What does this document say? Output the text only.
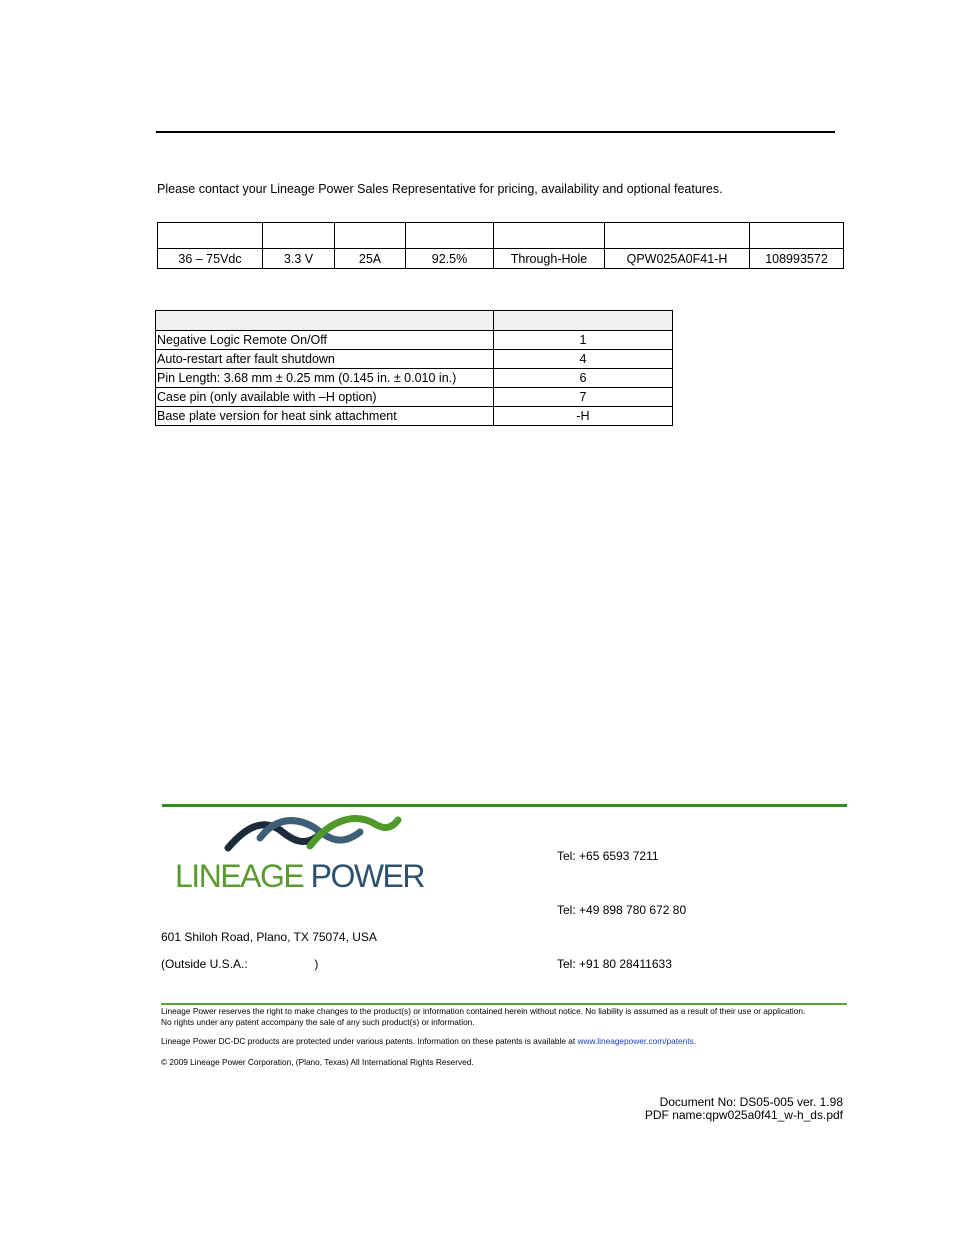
Please contact your Lineage Power Sales Representative for pricing, availability and optional features.

36 – 75Vdc	3.3 V	25A	92.5%	Through-Hole	QPW025A0F41-H	108993572

Negative Logic Remote On/Off	1
Auto-restart after fault shutdown	4
Pin Length: 3.68 mm ± 0.25 mm (0.145 in. ± 0.010 in.)	6
Case pin (only available with –H option)	7
Base plate version for heat sink attachment	-H
LINEAGE POWER
601 Shiloh Road, Plano, TX 75074, USA
(Outside U.S.A.:                    )
Tel: +65 6593 7211
Tel: +49 898 780 672 80
Tel: +91 80 28411633
Lineage Power reserves the right to make changes to the product(s) or information contained herein without notice. No liability is assumed as a result of their use or application. No rights under any patent accompany the sale of any such product(s) or information.
Lineage Power DC-DC products are protected under various patents. Information on these patents is available at www.lineagepower.com/patents.
© 2009 Lineage Power Corporation, (Plano, Texas) All International Rights Reserved.
Document No: DS05-005 ver. 1.98
PDF name:qpw025a0f41_w-h_ds.pdf
